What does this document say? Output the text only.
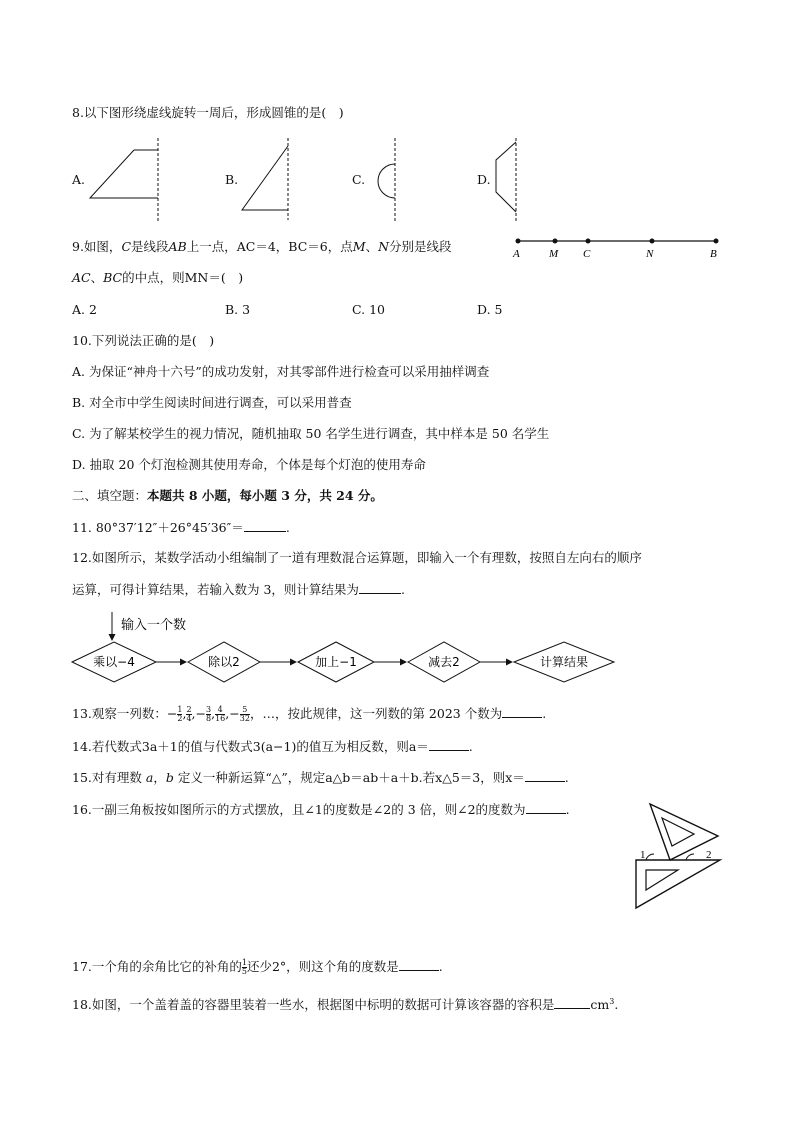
8.以下图形绕虚线旋转一周后，形成圆锥的是(　)
A.	B.	C.	D.
9.如图，C是线段AB上一点，AC＝4，BC＝6，点M、N分别是线段
AC、BC的中点，则MN＝(　)
A	M C	N	B
A. 2	B. 3	C. 10	D. 5
10.下列说法正确的是(　)
A. 为保证“神舟十六号”的成功发射，对其零部件进行检查可以采用抽样调查
B. 对全市中学生阅读时间进行调查，可以采用普查
C. 为了解某校学生的视力情况，随机抽取 50 名学生进行调查，其中样本是 50 名学生
D. 抽取 20 个灯泡检测其使用寿命，个体是每个灯泡的使用寿命
二、填空题：本题共 8 小题，每小题 3 分，共 24 分。
11. 80°37′12″＋26°45′36″＝	.
12.如图所示，某数学活动小组编制了一道有理数混合运算题，即输入一个有理数，按照自左向右的顺序
运算，可得计算结果，若输入数为 3，则计算结果为	.
输入一个数
乘以−4	除以2	加上−1	减去2	计算结果
13.观察一列数：− $\frac{1}{2}$ , $\frac{2}{4}$ ,− $\frac{3}{8}$ , $\frac{4}{16}$ ,− $\frac{5}{32}$ ，…，按此规律，这一列数的第 2023 个数为	.
14.若代数式3a＋1的值与代数式3(a−1)的值互为相反数，则a＝	.
15.对有理数 a，b 定义一种新运算“△”，规定a△b＝ab＋a＋b.若x△5＝3，则x＝	.
16.一副三角板按如图所示的方式摆放，且∠1的度数是∠2的 3 倍，则∠2的度数为	.
1	2
17.一个角的余角比它的补角的 $\frac{1}{5}$ 还少2°，则这个角的度数是	.
18.如图，一个盖着盖的容器里装着一些水，根据图中标明的数据可计算该容器的容积是	$cm^3$.
